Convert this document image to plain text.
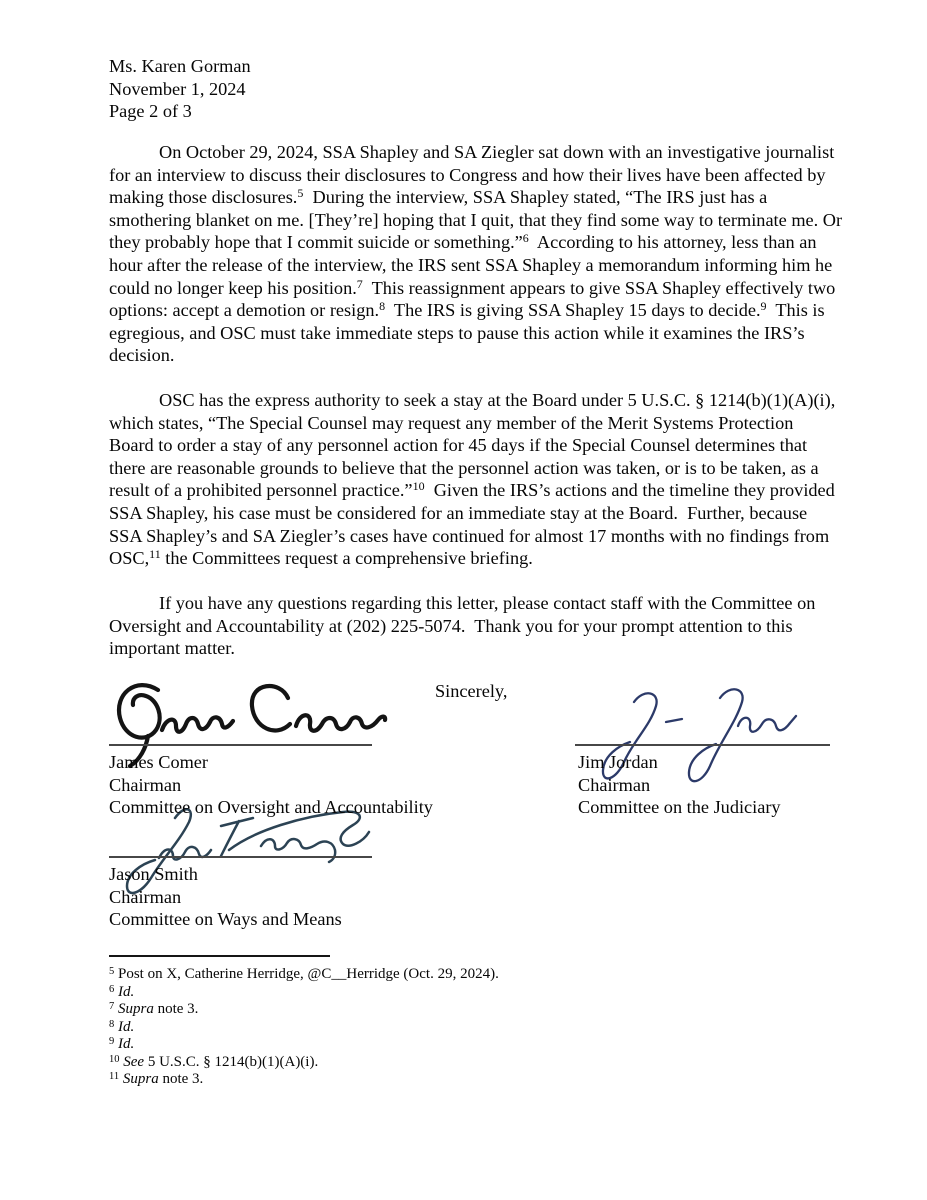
Ms. Karen Gorman
November 1, 2024
Page 2 of 3
On October 29, 2024, SSA Shapley and SA Ziegler sat down with an investigative journalist
for an interview to discuss their disclosures to Congress and how their lives have been affected by
making those disclosures.$^5$  During the interview, SSA Shapley stated, “The IRS just has a
smothering blanket on me. [They’re] hoping that I quit, that they find some way to terminate me. Or
they probably hope that I commit suicide or something.”$^6$  According to his attorney, less than an
hour after the release of the interview, the IRS sent SSA Shapley a memorandum informing him he
could no longer keep his position.$^7$  This reassignment appears to give SSA Shapley effectively two
options: accept a demotion or resign.$^8$  The IRS is giving SSA Shapley 15 days to decide.$^9$  This is
egregious, and OSC must take immediate steps to pause this action while it examines the IRS’s
decision.
OSC has the express authority to seek a stay at the Board under 5 U.S.C. § 1214(b)(1)(A)(i),
which states, “The Special Counsel may request any member of the Merit Systems Protection
Board to order a stay of any personnel action for 45 days if the Special Counsel determines that
there are reasonable grounds to believe that the personnel action was taken, or is to be taken, as a
result of a prohibited personnel practice.”$^{10}$  Given the IRS’s actions and the timeline they provided
SSA Shapley, his case must be considered for an immediate stay at the Board.  Further, because
SSA Shapley’s and SA Ziegler’s cases have continued for almost 17 months with no findings from
OSC,$^{11}$ the Committees request a comprehensive briefing.
If you have any questions regarding this letter, please contact staff with the Committee on
Oversight and Accountability at (202) 225-5074.  Thank you for your prompt attention to this
important matter.
Sincerely,
James Comer
Chairman
Committee on Oversight and Accountability
Jim Jordan
Chairman
Committee on the Judiciary
Jason Smith
Chairman
Committee on Ways and Means
$^5$ Post on X, Catherine Herridge, @C__Herridge (Oct. 29, 2024).
$^6$ Id.
$^7$ Supra note 3.
$^8$ Id.
$^9$ Id.
$^{10}$ See 5 U.S.C. § 1214(b)(1)(A)(i).
$^{11}$ Supra note 3.
